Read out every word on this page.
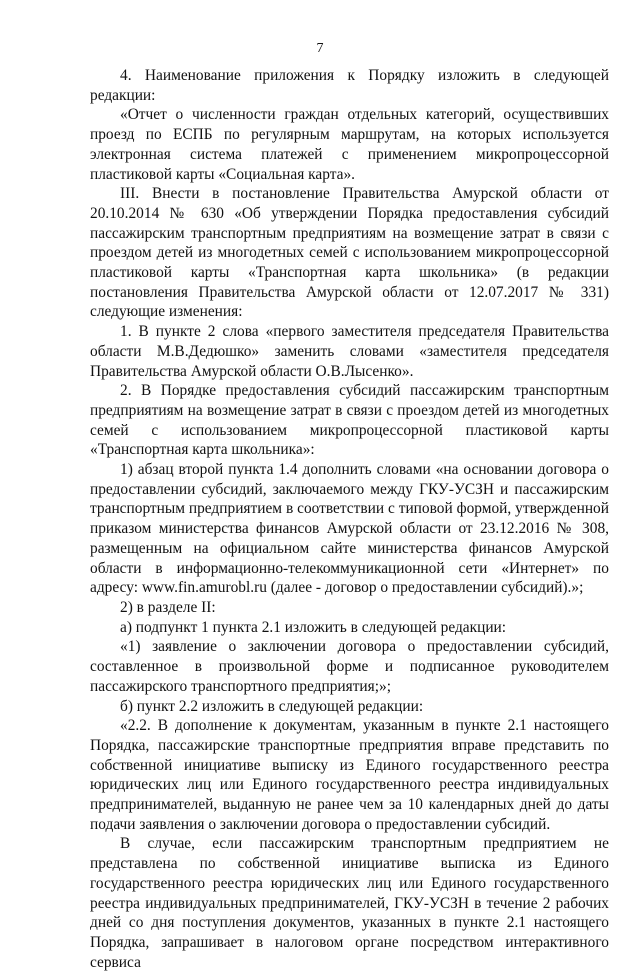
7

4. Наименование приложения к Порядку изложить в следующей редакции:

«Отчет о численности граждан отдельных категорий, осуществивших проезд по ЕСПБ по регулярным маршрутам, на которых используется электронная система платежей с применением микропроцессорной пластиковой карты «Социальная карта».

III. Внести в постановление Правительства Амурской области от 20.10.2014 № 630 «Об утверждении Порядка предоставления субсидий пассажирским транспортным предприятиям на возмещение затрат в связи с проездом детей из многодетных семей с использованием микропроцессорной пластиковой карты «Транспортная карта школьника» (в редакции постановления Правительства Амурской области от 12.07.2017 № 331) следующие изменения:

1. В пункте 2 слова «первого заместителя председателя Правительства области М.В.Дедюшко» заменить словами «заместителя председателя Правительства Амурской области О.В.Лысенко».

2. В Порядке предоставления субсидий пассажирским транспортным предприятиям на возмещение затрат в связи с проездом детей из многодетных семей с использованием микропроцессорной пластиковой карты «Транспортная карта школьника»:

1) абзац второй пункта 1.4 дополнить словами «на основании договора о предоставлении субсидий, заключаемого между ГКУ-УСЗН и пассажирским транспортным предприятием в соответствии с типовой формой, утвержденной приказом министерства финансов Амурской области от 23.12.2016 № 308, размещенным на официальном сайте министерства финансов Амурской области в информационно-телекоммуникационной сети «Интернет» по адресу: www.fin.amurobl.ru (далее - договор о предоставлении субсидий).»;

2) в разделе II:

а) подпункт 1 пункта 2.1 изложить в следующей редакции:

«1) заявление о заключении договора о предоставлении субсидий, составленное в произвольной форме и подписанное руководителем пассажирского транспортного предприятия;»;

б) пункт 2.2 изложить в следующей редакции:

«2.2. В дополнение к документам, указанным в пункте 2.1 настоящего Порядка, пассажирские транспортные предприятия вправе представить по собственной инициативе выписку из Единого государственного реестра юридических лиц или Единого государственного реестра индивидуальных предпринимателей, выданную не ранее чем за 10 календарных дней до даты подачи заявления о заключении договора о предоставлении субсидий.

В случае, если пассажирским транспортным предприятием не представлена по собственной инициативе выписка из Единого государственного реестра юридических лиц или Единого государственного реестра индивидуальных предпринимателей, ГКУ-УСЗН в течение 2 рабочих дней со дня поступления документов, указанных в пункте 2.1 настоящего Порядка, запрашивает в налоговом органе посредством интерактивного сервиса
